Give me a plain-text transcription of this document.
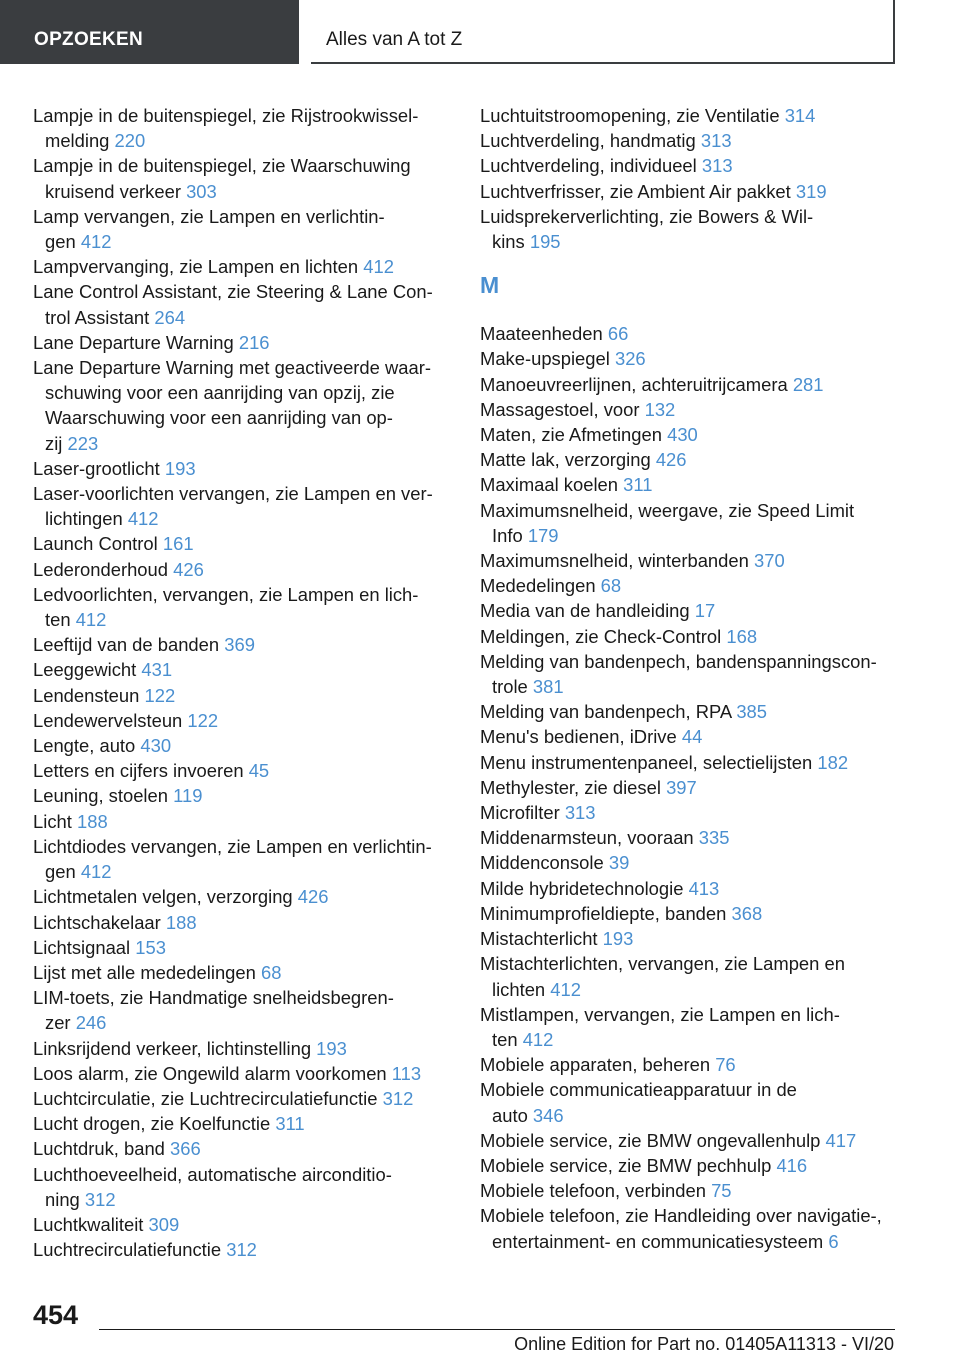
OPZOEKEN	Alles van A tot Z
Lampje in de buitenspiegel, zie Rijstrookwissel-
melding 220
Lampje in de buitenspiegel, zie Waarschuwing
kruisend verkeer 303
Lamp vervangen, zie Lampen en verlichtin-
gen 412
Lampvervanging, zie Lampen en lichten 412
Lane Control Assistant, zie Steering & Lane Con-
trol Assistant 264
Lane Departure Warning 216
Lane Departure Warning met geactiveerde waar-
schuwing voor een aanrijding van opzij, zie
Waarschuwing voor een aanrijding van op-
zij 223
Laser-grootlicht 193
Laser-voorlichten vervangen, zie Lampen en ver-
lichtingen 412
Launch Control 161
Lederonderhoud 426
Ledvoorlichten, vervangen, zie Lampen en lich-
ten 412
Leeftijd van de banden 369
Leeggewicht 431
Lendensteun 122
Lendewervelsteun 122
Lengte, auto 430
Letters en cijfers invoeren 45
Leuning, stoelen 119
Licht 188
Lichtdiodes vervangen, zie Lampen en verlichtin-
gen 412
Lichtmetalen velgen, verzorging 426
Lichtschakelaar 188
Lichtsignaal 153
Lijst met alle mededelingen 68
LIM-toets, zie Handmatige snelheidsbegren-
zer 246
Linksrijdend verkeer, lichtinstelling 193
Loos alarm, zie Ongewild alarm voorkomen 113
Luchtcirculatie, zie Luchtrecirculatiefunctie 312
Lucht drogen, zie Koelfunctie 311
Luchtdruk, band 366
Luchthoeveelheid, automatische airconditio-
ning 312
Luchtkwaliteit 309
Luchtrecirculatiefunctie 312
Luchtuitstroomopening, zie Ventilatie 314
Luchtverdeling, handmatig 313
Luchtverdeling, individueel 313
Luchtverfrisser, zie Ambient Air pakket 319
Luidsprekerverlichting, zie Bowers & Wil-
kins 195
M
Maateenheden 66
Make-upspiegel 326
Manoeuvreerlijnen, achteruitrijcamera 281
Massagestoel, voor 132
Maten, zie Afmetingen 430
Matte lak, verzorging 426
Maximaal koelen 311
Maximumsnelheid, weergave, zie Speed Limit
Info 179
Maximumsnelheid, winterbanden 370
Mededelingen 68
Media van de handleiding 17
Meldingen, zie Check-Control 168
Melding van bandenpech, bandenspanningscon-
trole 381
Melding van bandenpech, RPA 385
Menu's bedienen, iDrive 44
Menu instrumentenpaneel, selectielijsten 182
Methylester, zie diesel 397
Microfilter 313
Middenarmsteun, vooraan 335
Middenconsole 39
Milde hybridetechnologie 413
Minimumprofieldiepte, banden 368
Mistachterlicht 193
Mistachterlichten, vervangen, zie Lampen en
lichten 412
Mistlampen, vervangen, zie Lampen en lich-
ten 412
Mobiele apparaten, beheren 76
Mobiele communicatieapparatuur in de
auto 346
Mobiele service, zie BMW ongevallenhulp 417
Mobiele service, zie BMW pechhulp 416
Mobiele telefoon, verbinden 75
Mobiele telefoon, zie Handleiding over navigatie-,
entertainment- en communicatiesysteem 6
454
Online Edition for Part no. 01405A11313 - VI/20
